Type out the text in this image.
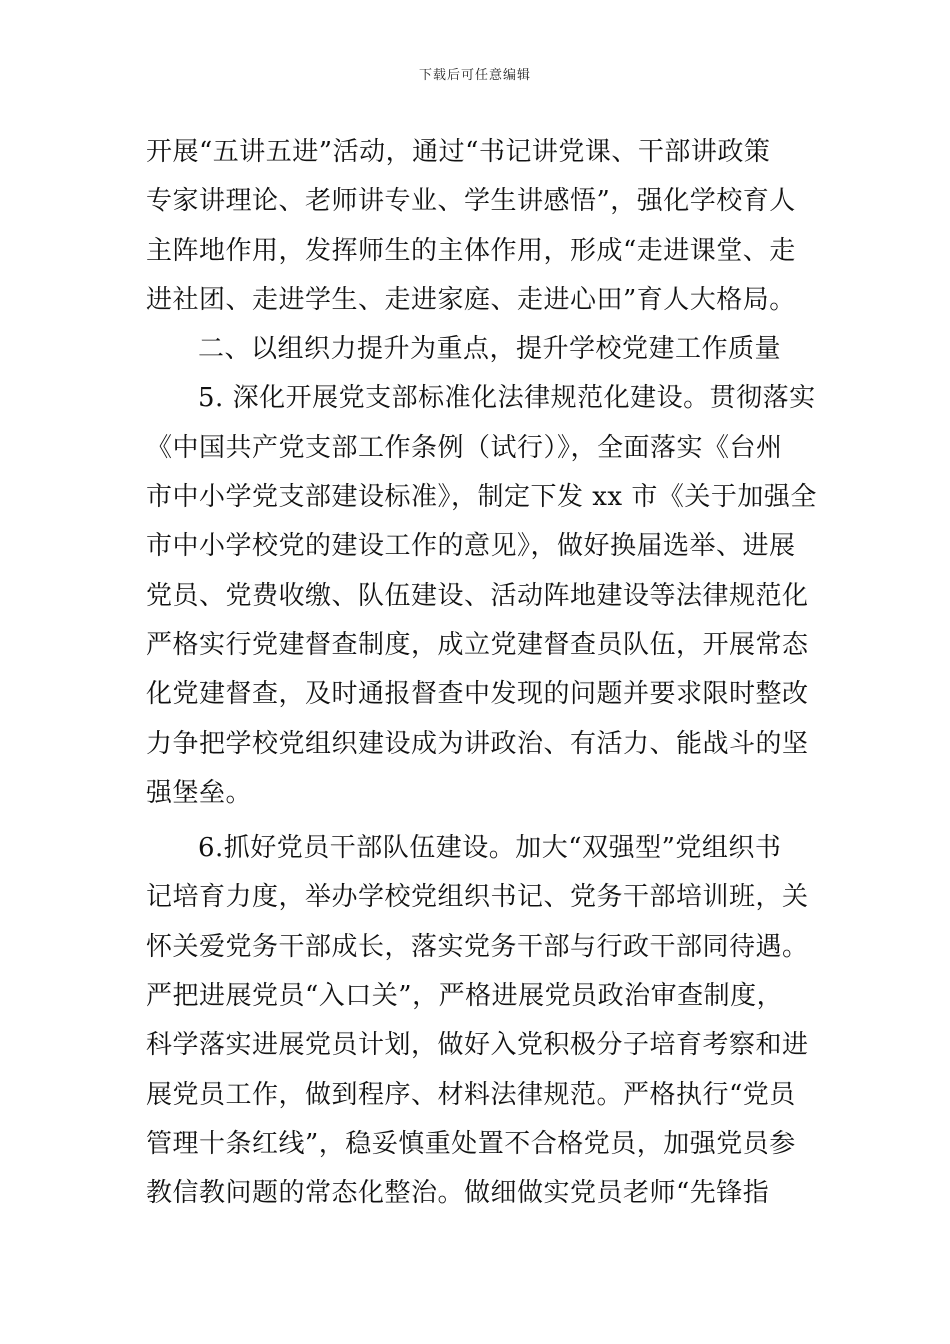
下载后可任意编辑
开展“五讲五进”活动，通过“书记讲党课、干部讲政策
专家讲理论、老师讲专业、学生讲感悟”，强化学校育人
主阵地作用，发挥师生的主体作用，形成“走进课堂、走
进社团、走进学生、走进家庭、走进心田”育人大格局。
二、以组织力提升为重点，提升学校党建工作质量
5. 深化开展党支部标准化法律规范化建设。贯彻落实
《中国共产党支部工作条例（试行）》，全面落实《台州
市中小学党支部建设标准》，制定下发 xx 市《关于加强全
市中小学校党的建设工作的意见》，做好换届选举、进展
党员、党费收缴、队伍建设、活动阵地建设等法律规范化
严格实行党建督查制度，成立党建督查员队伍，开展常态
化党建督查，及时通报督查中发现的问题并要求限时整改
力争把学校党组织建设成为讲政治、有活力、能战斗的坚
强堡垒。
6.抓好党员干部队伍建设。加大“双强型”党组织书
记培育力度，举办学校党组织书记、党务干部培训班，关
怀关爱党务干部成长，落实党务干部与行政干部同待遇。
严把进展党员“入口关”，严格进展党员政治审查制度，
科学落实进展党员计划，做好入党积极分子培育考察和进
展党员工作，做到程序、材料法律规范。严格执行“党员
管理十条红线”，稳妥慎重处置不合格党员，加强党员参
教信教问题的常态化整治。做细做实党员老师“先锋指
